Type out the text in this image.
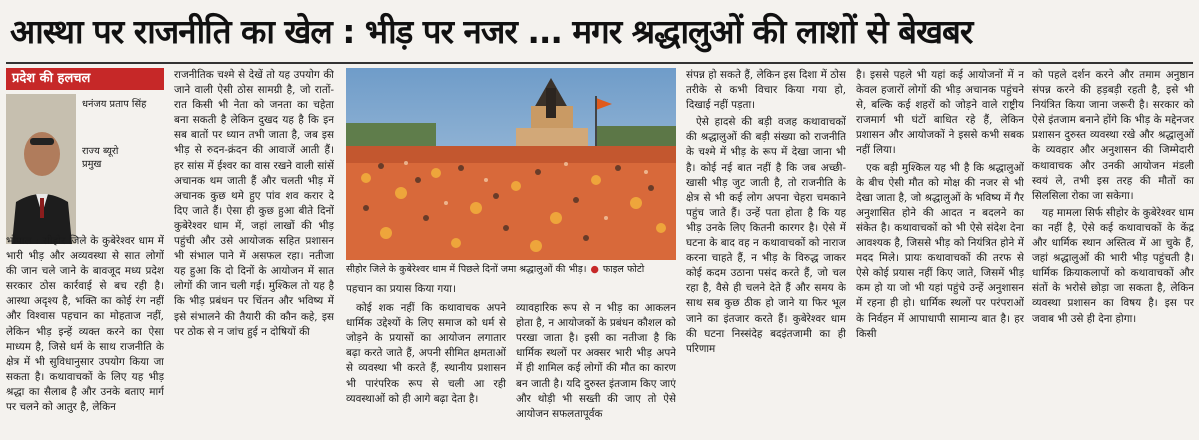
आस्था पर राजनीति का खेल : भीड़ पर नजर ... मगर श्रद्धालुओं की लाशों से बेखबर
प्रदेश की हलचल
धनंजय प्रताप सिंह
राज्य ब्यूरो
प्रमुख

भोपाल : सीहोर जिले के कुबेरेश्वर धाम में भारी भीड़ और अव्यवस्था से सात लोगों की जान चले जाने के बावजूद मध्य प्रदेश सरकार ठोस कार्रवाई से बच रही है। आस्था अदृश्य है, भक्ति का कोई रंग नहीं और विश्वास पहचान का मोहताज नहीं, लेकिन भीड़ इन्हें व्यक्त करने का ऐसा माध्यम है, जिसे धर्म के साथ राजनीति के क्षेत्र में भी सुविधानुसार उपयोग किया जा सकता है। कथावाचकों के लिए यह भीड़ श्रद्धा का सैलाब है और उनके बताए मार्ग पर चलने को आतुर है, लेकिन

राजनीतिक चश्मे से देखें तो यह उपयोग की जाने वाली ऐसी ठोस सामग्री है, जो रातों-रात किसी भी नेता को जनता का चहेता बना सकती है लेकिन दुखद यह है कि इन सब बातों पर ध्यान तभी जाता है, जब इस भीड़ से रुदन-क्रंदन की आवाजें आती हैं। हर सांस में ईश्वर का वास रखने वाली सांसें अचानक थम जाती हैं और चलती भीड़ में अचानक कुछ थमे हुए पांव शव करार दे दिए जाते हैं। ऐसा ही कुछ हुआ बीते दिनों कुबेरेश्वर धाम में, जहां लाखों की भीड़ पहुंची और उसे आयोजक सहित प्रशासन भी संभाल पाने में असफल रहा। नतीजा यह हुआ कि दो दिनों के आयोजन में सात लोगों की जान चली गई। मुश्किल तो यह है कि भीड़ प्रबंधन पर चिंतन और भविष्य में इसे संभालने की तैयारी की कौन कहे, इस पर ठोक से न जांच हुई न दोषियों की

सीहोर जिले के कुबेरेश्वर धाम में पिछले दिनों जमा श्रद्धालुओं की भीड़। ● फाइल फोटो

पहचान का प्रयास किया गया।

कोई शक नहीं कि कथावाचक अपने धार्मिक उद्देश्यों के लिए समाज को धर्म से जोड़ने के प्रयासों का आयोजन लगातार बढ़ा करते जाते हैं, अपनी सीमित क्षमताओं से व्यवस्था भी करते हैं, स्थानीय प्रशासन भी पारंपरिक रूप से चली आ रही व्यवस्थाओं को ही आगे बढ़ा देता है।

व्यावहारिक रूप से न भीड़ का आकलन होता है, न आयोजकों के प्रबंधन कौशल को परखा जाता है। इसी का नतीजा है कि धार्मिक स्थलों पर अक्सर भारी भीड़ अपने में ही शामिल कई लोगों की मौत का कारण बन जाती है। यदि दुरुस्त इंतजाम किए जाएं और थोड़ी भी सख्ती की जाए तो ऐसे आयोजन सफलतापूर्वक

संपन्न हो सकते हैं, लेकिन इस दिशा में ठोस तरीके से कभी विचार किया गया हो, दिखाई नहीं पड़ता।

ऐसे हादसे की बड़ी वजह कथावाचकों की श्रद्धालुओं की बड़ी संख्या को राजनीति के चश्मे में भीड़ के रूप में देखा जाना भी है। कोई नई बात नहीं है कि जब अच्छी-खासी भीड़ जुट जाती है, तो राजनीति के क्षेत्र से भी कई लोग अपना चेहरा चमकाने पहुंच जाते हैं। उन्हें पता होता है कि यह भीड़ उनके लिए कितनी कारगर है। ऐसे में घटना के बाद वह न कथावाचकों को नाराज करना चाहते हैं, न भीड़ के विरुद्ध जाकर कोई कदम उठाना पसंद करते हैं, जो चल रहा है, वैसे ही चलने देते हैं और समय के साथ सब कुछ ठीक हो जाने या फिर भूल जाने का इंतजार करते हैं। कुबेरेश्वर धाम की घटना निस्संदेह बदइंतजामी का ही परिणाम

है। इससे पहले भी यहां कई आयोजनों में न केवल हजारों लोगों की भीड़ अचानक पहुंचने से, बल्कि कई शहरों को जोड़ने वाले राष्ट्रीय राजमार्ग भी घंटों बाधित रहे हैं, लेकिन प्रशासन और आयोजकों ने इससे कभी सबक नहीं लिया।

एक बड़ी मुश्किल यह भी है कि श्रद्धालुओं के बीच ऐसी मौत को मोक्ष की नजर से भी देखा जाता है, जो श्रद्धालुओं के भविष्य में गैर अनुशासित होने की आदत न बदलने का संकेत है। कथावाचकों को भी ऐसे संदेश देना आवश्यक है, जिससे भीड़ को नियंत्रित होने में मदद मिले। प्रायः कथावाचकों की तरफ से ऐसे कोई प्रयास नहीं किए जाते, जिसमें भीड़ कम हो या जो भी यहां पहुंचे उन्हें अनुशासन में रहना ही हो। धार्मिक स्थलों पर परंपराओं के निर्वहन में आपाधापी सामान्य बात है। हर किसी

को पहले दर्शन करने और तमाम अनुष्ठान संपन्न करने की हड़बड़ी रहती है, इसे भी नियंत्रित किया जाना जरूरी है। सरकार को ऐसे इंतजाम बनाने होंगे कि भीड़ के मद्देनजर प्रशासन दुरुस्त व्यवस्था रखे और श्रद्धालुओं के व्यवहार और अनुशासन की जिम्मेदारी कथावाचक और उनकी आयोजन मंडली स्वयं ले, तभी इस तरह की मौतों का सिलसिला रोका जा सकेगा।

यह मामला सिर्फ सीहोर के कुबेरेश्वर धाम का नहीं है, ऐसे कई कथावाचकों के केंद्र और धार्मिक स्थान अस्तित्व में आ चुके हैं, जहां श्रद्धालुओं की भारी भीड़ पहुंचती है। धार्मिक क्रियाकलापों को कथावाचकों और संतों के भरोसे छोड़ा जा सकता है, लेकिन व्यवस्था प्रशासन का विषय है। इस पर जवाब भी उसे ही देना होगा।
